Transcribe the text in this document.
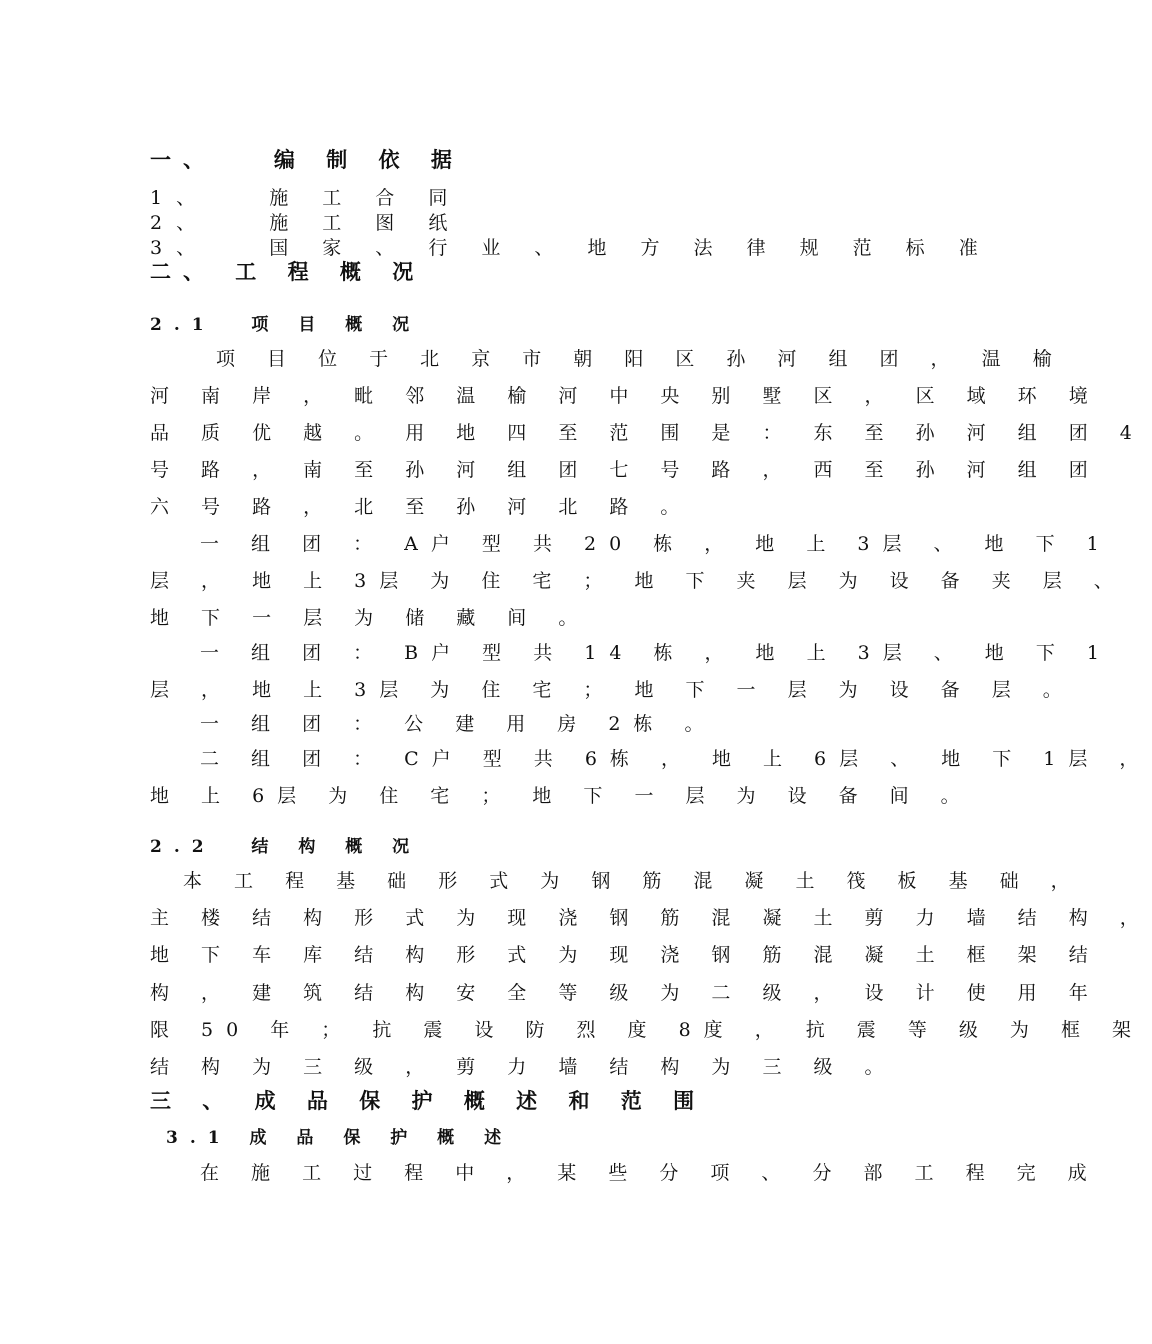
一、   编 制 依 据
1、   施 工 合 同
2、   施 工 图 纸
3、   国 家 、 行 业 、 地 方 法 律 规 范 标 准
二、 工 程 概 况
2.1  项 目 概 况
项 目 位 于 北 京 市 朝 阳 区 孙 河 组 团 ， 温 榆
河 南 岸 ， 毗 邻 温 榆 河 中 央 别 墅 区 ， 区 域 环 境
品 质 优 越 。 用 地 四 至 范 围 是 ： 东 至 孙 河 组 团 4
号 路 ， 南 至 孙 河 组 团 七 号 路 ， 西 至 孙 河 组 团
六 号 路 ， 北 至 孙 河 北 路 。
一 组 团 ： A户 型 共 20 栋 ， 地 上 3层 、 地 下 1
层 ， 地 上 3层 为 住 宅 ； 地 下 夹 层 为 设 备 夹 层 、
地 下 一 层 为 储 藏 间 。
一 组 团 ： B户 型 共 14 栋 ， 地 上 3层 、 地 下 1
层 ， 地 上 3层 为 住 宅 ； 地 下 一 层 为 设 备 层 。
一 组 团 ： 公 建 用 房 2栋 。
二 组 团 ： C户 型 共 6栋 ， 地 上 6层 、 地 下 1层 ，
地 上 6层 为 住 宅 ； 地 下 一 层 为 设 备 间 。
2.2  结 构 概 况
本 工 程 基 础 形 式 为 钢 筋 混 凝 土 筏 板 基 础 ，
主 楼 结 构 形 式 为 现 浇 钢 筋 混 凝 土 剪 力 墙 结 构 ，
地 下 车 库 结 构 形 式 为 现 浇 钢 筋 混 凝 土 框 架 结
构 ， 建 筑 结 构 安 全 等 级 为 二 级 ， 设 计 使 用 年
限 50 年 ； 抗 震 设 防 烈 度 8度 ， 抗 震 等 级 为 框 架
结 构 为 三 级 ， 剪 力 墙 结 构 为 三 级 。
三 、 成 品 保 护 概 述 和 范 围
3.1 成 品 保 护 概 述
在 施 工 过 程 中 ， 某 些 分 项 、 分 部 工 程 完 成
